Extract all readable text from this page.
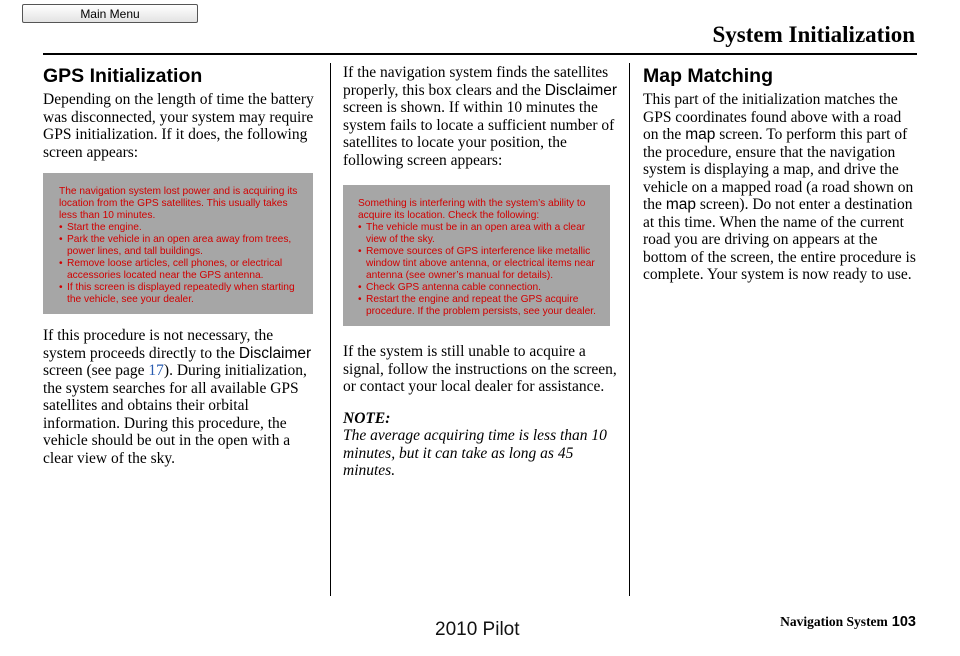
Main Menu
System Initialization
GPS Initialization

Depending on the length of time the battery was disconnected, your system may require GPS initialization. If it does, the following screen appears:

The navigation system lost power and is acquiring its location from the GPS satellites. This usually takes less than 10 minutes.
• Start the engine.
• Park the vehicle in an open area away from trees, power lines, and tall buildings.
• Remove loose articles, cell phones, or electrical accessories located near the GPS antenna.
• If this screen is displayed repeatedly when starting the vehicle, see your dealer.

If this procedure is not necessary, the system proceeds directly to the Disclaimer screen (see page 17). During initialization, the system searches for all available GPS satellites and obtains their orbital information. During this procedure, the vehicle should be out in the open with a clear view of the sky.

If the navigation system finds the satellites properly, this box clears and the Disclaimer screen is shown. If within 10 minutes the system fails to locate a sufficient number of satellites to locate your position, the following screen appears:

Something is interfering with the system’s ability to acquire its location. Check the following:
• The vehicle must be in an open area with a clear view of the sky.
• Remove sources of GPS interference like metallic window tint above antenna, or electrical items near antenna (see owner’s manual for details).
• Check GPS antenna cable connection.
• Restart the engine and repeat the GPS acquire procedure. If the problem persists, see your dealer.

If the system is still unable to acquire a signal, follow the instructions on the screen, or contact your local dealer for assistance.

NOTE:

The average acquiring time is less than 10 minutes, but it can take as long as 45 minutes.

Map Matching

This part of the initialization matches the GPS coordinates found above with a road on the map screen. To perform this part of the procedure, ensure that the navigation system is displaying a map, and drive the vehicle on a mapped road (a road shown on the map screen). Do not enter a destination at this time. When the name of the current road you are driving on appears at the bottom of the screen, the entire procedure is complete. Your system is now ready to use.

Navigation System 103
2010 Pilot
